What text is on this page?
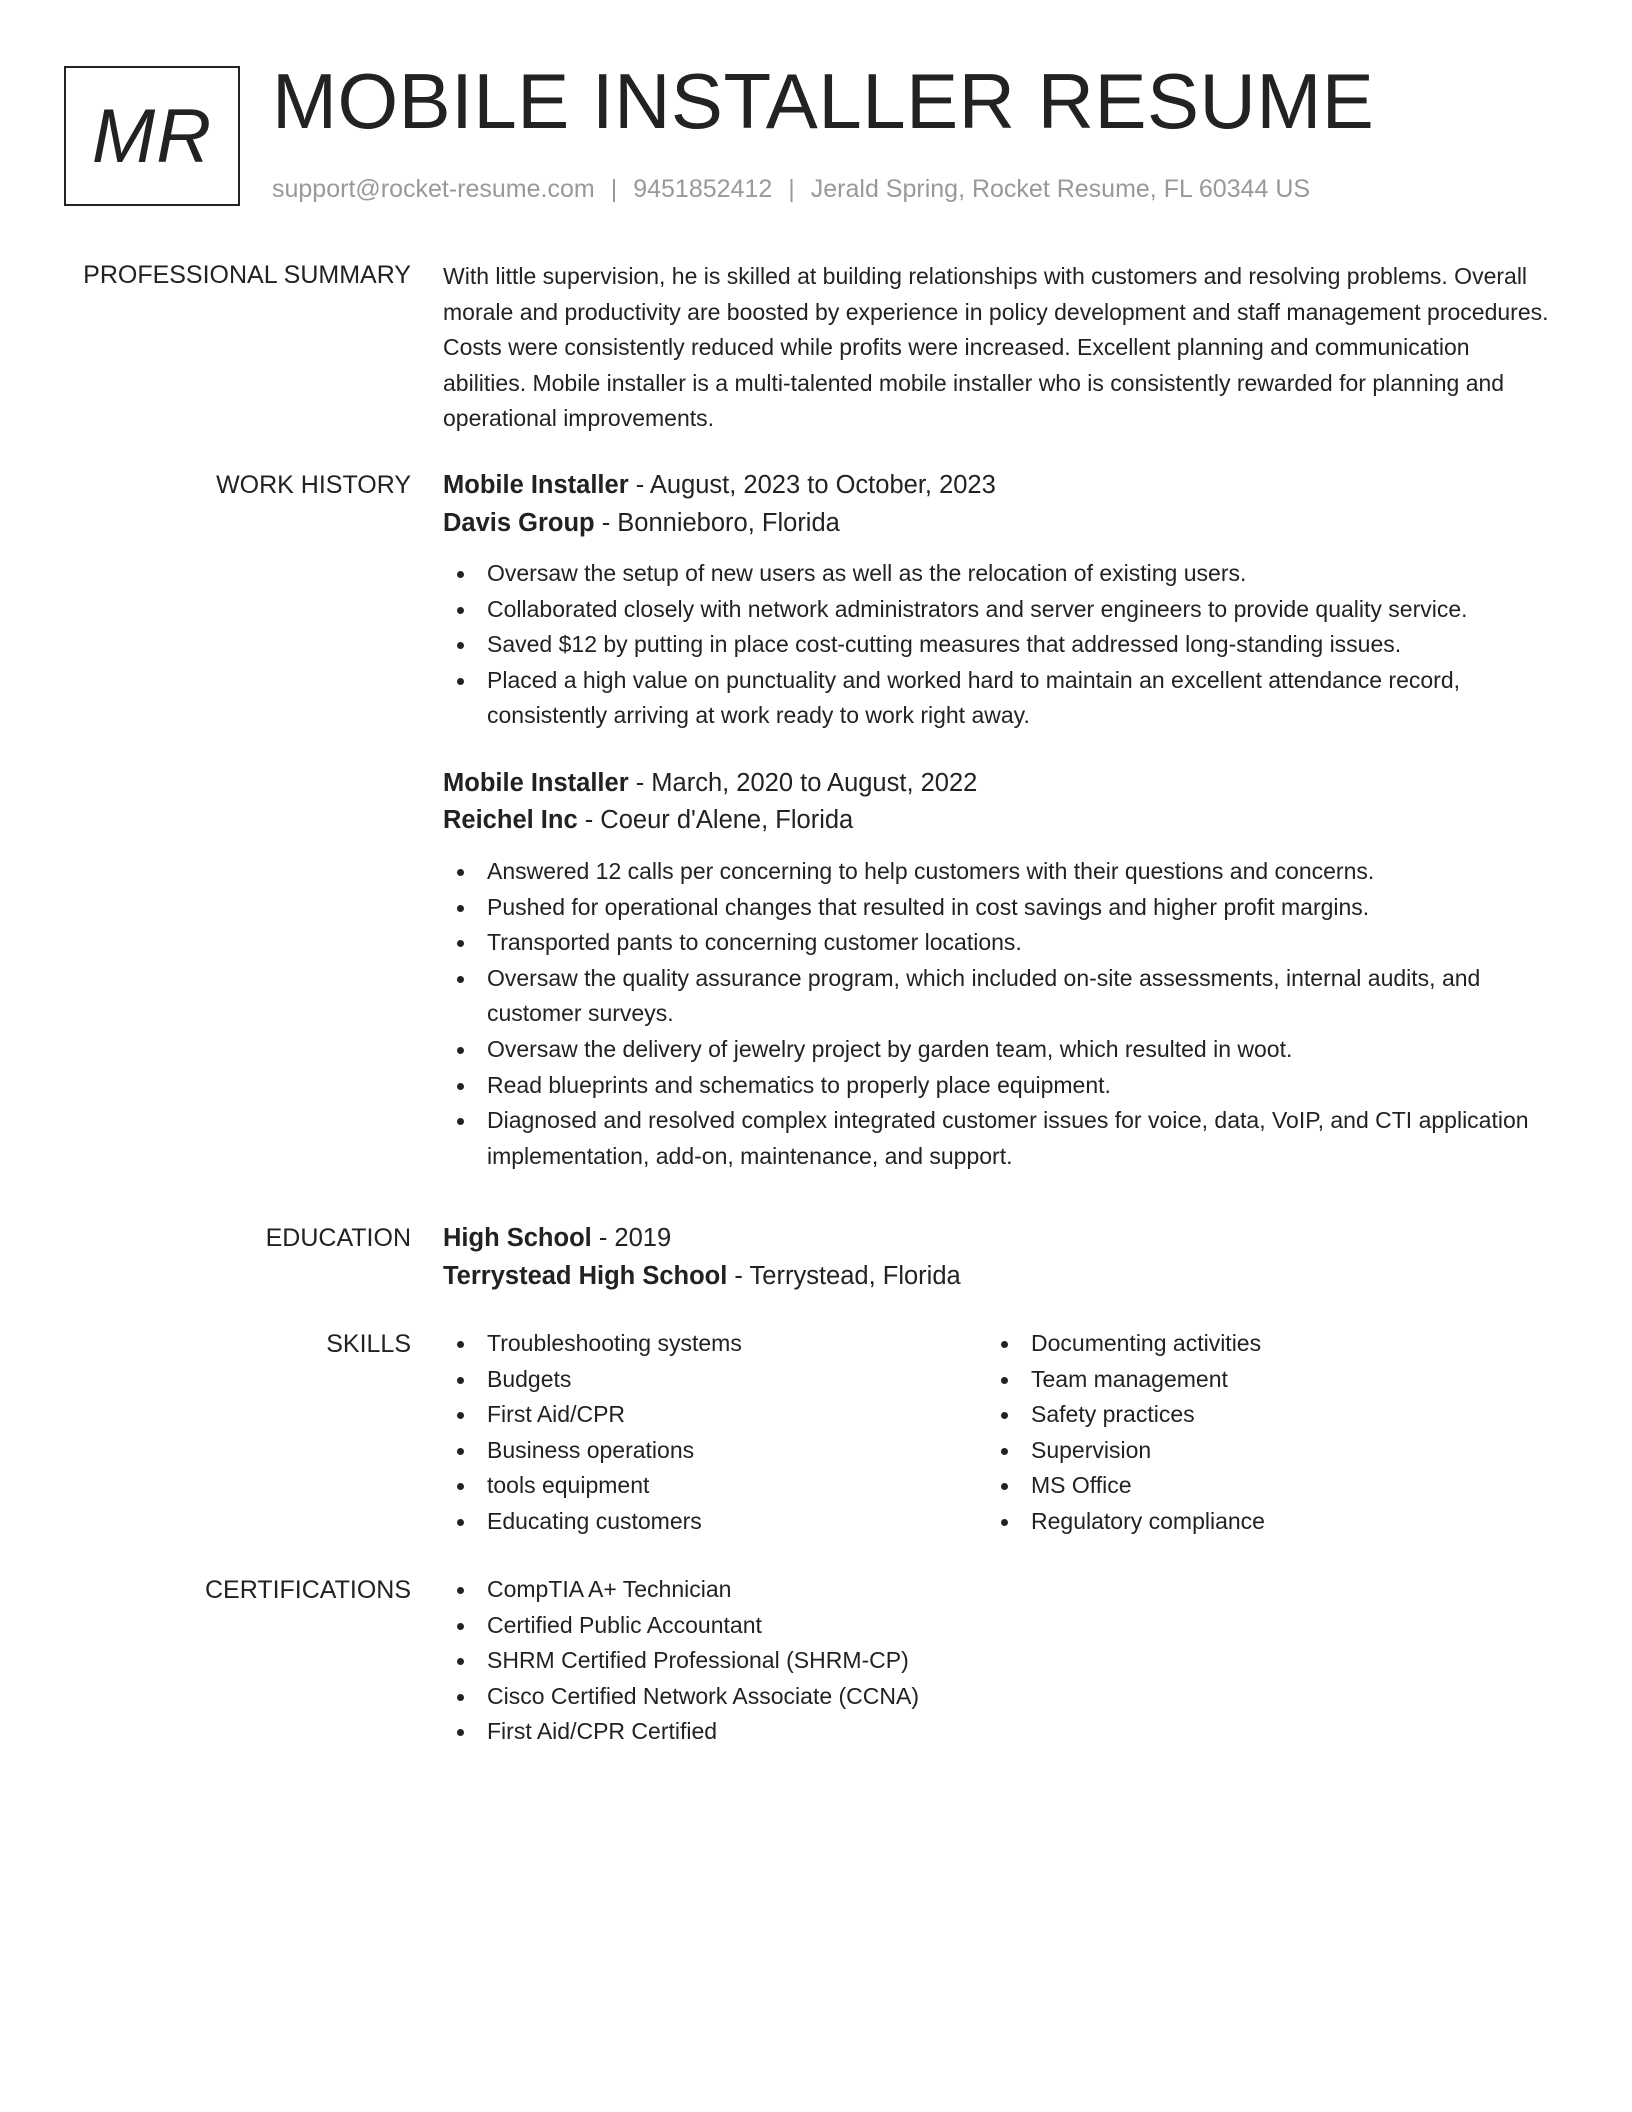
MR MOBILE INSTALLER RESUME
support@rocket-resume.com | 9451852412 | Jerald Spring, Rocket Resume, FL 60344 US
PROFESSIONAL SUMMARY With little supervision, he is skilled at building relationships with customers and resolving problems. Overall morale and productivity are boosted by experience in policy development and staff management procedures. Costs were consistently reduced while profits were increased. Excellent planning and communication abilities. Mobile installer is a multi-talented mobile installer who is consistently rewarded for planning and operational improvements.

WORK HISTORY Mobile Installer - August, 2023 to October, 2023

Davis Group - Bonnieboro, Florida

Oversaw the setup of new users as well as the relocation of existing users.
Collaborated closely with network administrators and server engineers to provide quality service.
Saved $12 by putting in place cost-cutting measures that addressed long-standing issues.
Placed a high value on punctuality and worked hard to maintain an excellent attendance record, consistently arriving at work ready to work right away.

Mobile Installer - March, 2020 to August, 2022

Reichel Inc - Coeur d'Alene, Florida

Answered 12 calls per concerning to help customers with their questions and concerns.
Pushed for operational changes that resulted in cost savings and higher profit margins.
Transported pants to concerning customer locations.
Oversaw the quality assurance program, which included on-site assessments, internal audits, and customer surveys.
Oversaw the delivery of jewelry project by garden team, which resulted in woot.
Read blueprints and schematics to properly place equipment.
Diagnosed and resolved complex integrated customer issues for voice, data, VoIP, and CTI application implementation, add-on, maintenance, and support.
EDUCATION High School - 2019

Terrystead High School - Terrystead, Florida

SKILLS	Troubleshooting systems
Budgets
First Aid/CPR
Business operations
tools equipment
Educating customers
Documenting activities
Team management
Safety practices
Supervision
MS Office
Regulatory compliance
CERTIFICATIONS	CompTIA A+ Technician
Certified Public Accountant
SHRM Certified Professional (SHRM-CP)
Cisco Certified Network Associate (CCNA)
First Aid/CPR Certified
